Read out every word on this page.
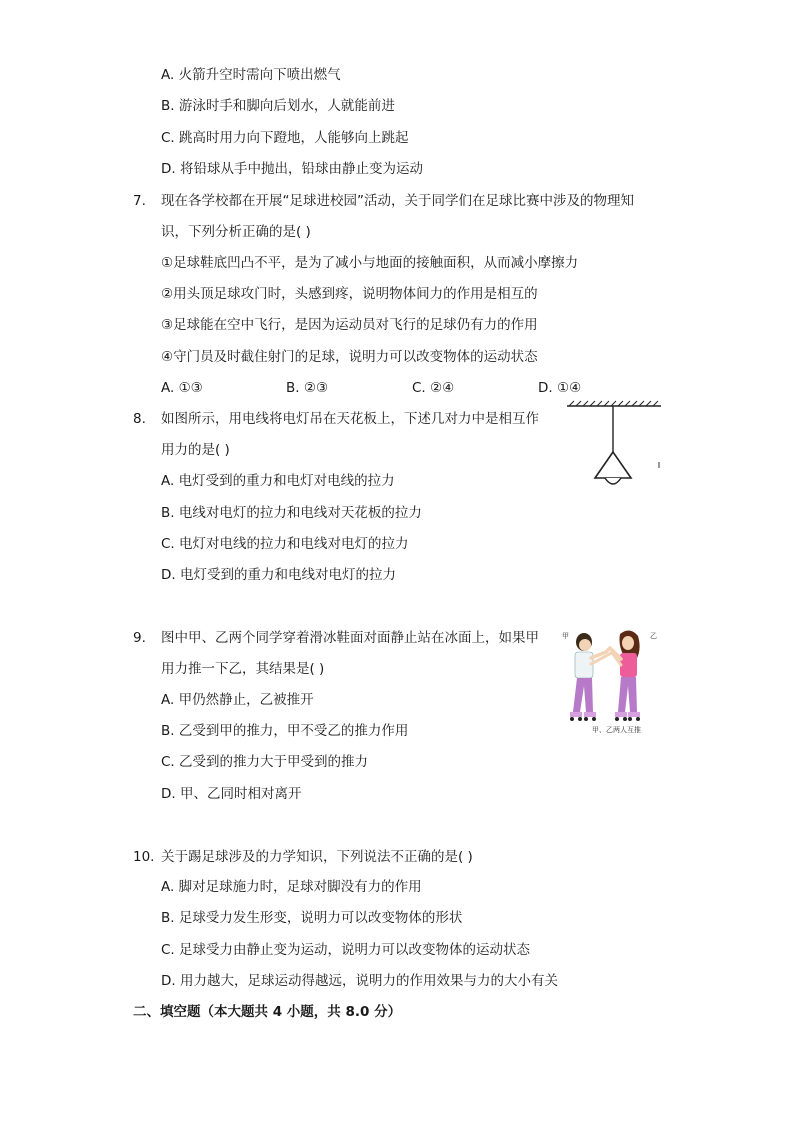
A. 火箭升空时需向下喷出燃气
B. 游泳时手和脚向后划水，人就能前进
C. 跳高时用力向下蹬地，人能够向上跳起
D. 将铅球从手中抛出，铅球由静止变为运动
7. 现在各学校都在开展“足球进校园”活动，关于同学们在足球比赛中涉及的物理知
识，下列分析正确的是( )
①足球鞋底凹凸不平，是为了减小与地面的接触面积，从而减小摩擦力
②用头顶足球攻门时，头感到疼，说明物体间力的作用是相互的
③足球能在空中飞行，是因为运动员对飞行的足球仍有力的作用
④守门员及时截住射门的足球，说明力可以改变物体的运动状态
A. ①③	B. ②③	C. ②④	D. ①④
8. 如图所示，用电线将电灯吊在天花板上，下述几对力中是相互作
用力的是( )
A. 电灯受到的重力和电灯对电线的拉力
B. 电线对电灯的拉力和电线对天花板的拉力
C. 电灯对电线的拉力和电线对电灯的拉力
D. 电灯受到的重力和电线对电灯的拉力
9. 图中甲、乙两个同学穿着滑冰鞋面对面静止站在冰面上，如果甲
用力推一下乙，其结果是( )
A. 甲仍然静止，乙被推开
B. 乙受到甲的推力，甲不受乙的推力作用
C. 乙受到的推力大于甲受到的推力
D. 甲、乙同时相对离开
甲	乙
甲、乙两人互推
10. 关于踢足球涉及的力学知识，下列说法不正确的是( )
A. 脚对足球施力时，足球对脚没有力的作用
B. 足球受力发生形变，说明力可以改变物体的形状
C. 足球受力由静止变为运动，说明力可以改变物体的运动状态
D. 用力越大，足球运动得越远，说明力的作用效果与力的大小有关
二、填空题（本大题共 4 小题，共 8.0 分）
